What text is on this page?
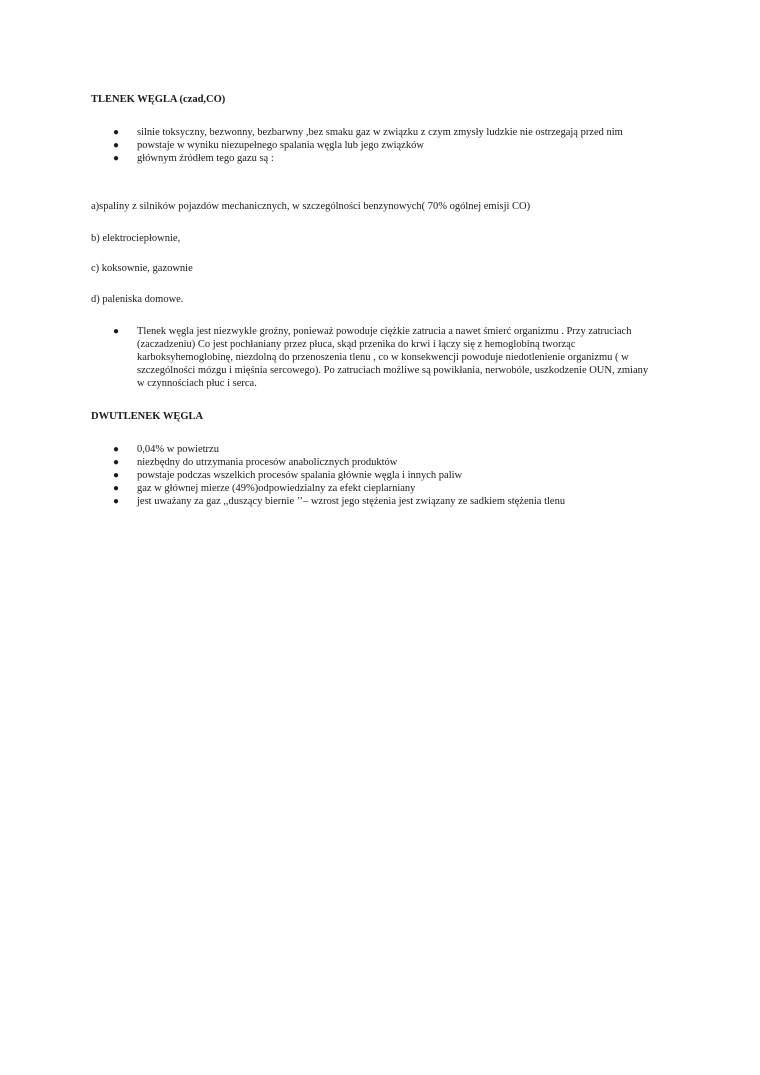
TLENEK WĘGLA (czad,CO)

● silnie toksyczny, bezwonny, bezbarwny ,bez smaku gaz w związku z czym zmysły ludzkie nie ostrzegają przed nim
● powstaje w wyniku niezupełnego spalania węgla lub jego związków
● głównym źródłem tego gazu są :

a)spaliny z silników pojazdów mechanicznych, w szczególności benzynowych( 70% ogólnej emisji CO)

b) elektrociepłownie,

c) koksownie, gazownie

d) paleniska domowe.

● Tlenek węgla jest niezwykle groźny, ponieważ powoduje ciężkie zatrucia a nawet śmierć organizmu . Przy zatruciach (zaczadzeniu) Co jest pochłaniany przez płuca, skąd przenika do krwi i łączy się z hemoglobiną tworząc karboksyhemoglobinę, niezdolną do przenoszenia tlenu , co w konsekwencji powoduje niedotlenienie organizmu ( w szczególności mózgu i mięśnia sercowego). Po zatruciach możliwe są powikłania, nerwobóle, uszkodzenie OUN, zmiany w czynnościach płuc i serca.

DWUTLENEK WĘGLA

● 0,04% w powietrzu
● niezbędny do utrzymania procesów anabolicznych produktów
● powstaje podczas wszelkich procesów spalania głównie węgla i innych paliw
● gaz w głównej mierze (49%)odpowiedzialny za efekt cieplarniany
● jest uważany za gaz ,,duszący biernie ’’– wzrost jego stężenia jest związany ze sadkiem stężenia tlenu
